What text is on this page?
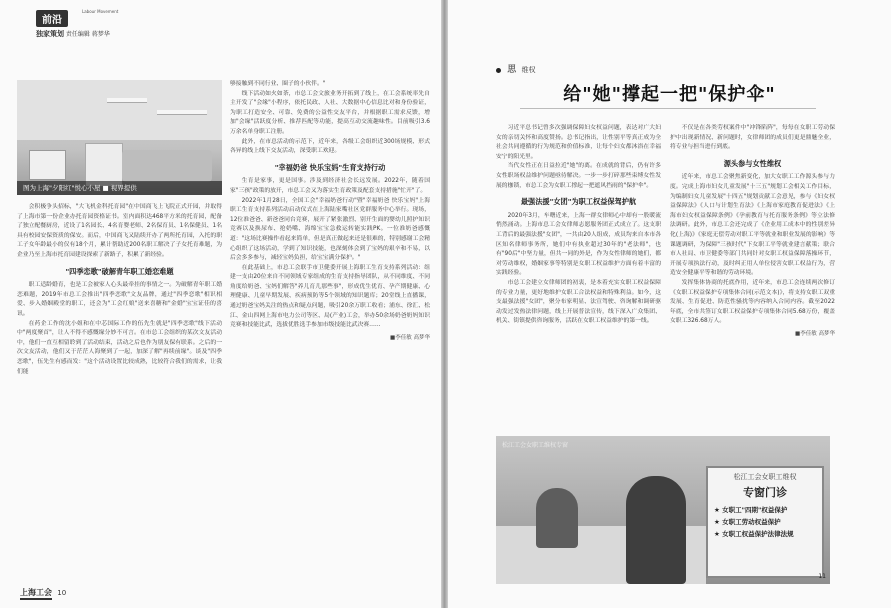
前沿
Labour Movement
独家策划 责任编辑 蒋梦华
图为上海"夕阳红"悦心小屋 ■ 视界提供

会积极争头招标，"大飞机金科托育园"在中国商飞上飞院正式开园，并取得了上海市第一份企业办托育园资格证书。室内面积达468平方米的托育园，配备了独立配餐厨房，近设了1名园长、4名育婴老师、2名保育员、1名保健员、1名具有校园安保资质的保安。而后，中国商飞又陆续开办了两所托育园，入托的职工子女年龄最小的仅有18个月，累计帮助近200名职工解决了子女托育难题，为企业乃至上海市托育园建设探索了新路子，积累了新经验。

"四季恋歌"破解青年职工婚恋难题

职工适龄婚育，也是工会被家人心头最牵挂的事情之一。为破解青年职工婚恋难题，2019年市总工会推出"四季恋歌"文友品牌，通过"四季恋歌"相识相爱、步入婚姻殿堂的职工，还会为"工会红娘"送来喜糖和"金婚"宝宝证佳的喜讯。

在药企工作的沈小姐和在中芯国际工作的伍先生就是"四季恋歌"线下活动中"两度聚首"，让人不得不感慨缘分妙不可言。在市总工会组织的某次文友活动中，他们一直互相留聆到了活动结束，活动之后也作为朋友保有联系。之后的一次文友活动，他们又于茫茫人海聚到了一起，加深了解"再续前缘"。谈及"四季恋歌"，伍先生有感而发："这个活动设置比较成熟，比较符合我们的需求，让我们能

够接触到不同行业、圈子的小伙伴。"

线下活动如火如荼，市总工会文旅业务开拓到了线上，在工会系统率先自主开发了"会缘"小程序，依托民政、人社、大数据中心信息比对和身份验证，为职工打造安全、可靠、免费的公益性交友平台，并根据职工需求反馈，增加"会缘"活跃度分析、推荐匹配等功能，提高互动交流趣味性。目前吸引3.6万余名单身职工注册。

此外，在市总活动的示范下，近年来，各级工会组织近300场规模、形式各异的线上线下交友活动，深受职工欢迎。

"幸福奶爸 快乐宝妈"生育支持行动

生育是家事，更是国事。涉及到经济社会长远发展。2022年，随着国家"三孩"政策的放开，市总工会又为落实生育政策及配套支持措施"忙开"了。

2022年1月28日，全国工会"幸福奶爸行动"暨"幸福奶爸 快乐宝妈"上海职工生育支持系列活动启动仪式在上海陆家嘴社区党群服务中心举行。现场，12位准爸爸、新爸爸同台竞赛，展开了紧张激烈、别开生面的婴幼儿照护知识竞赛以及换尿布、抢奶嘴、海绵宝宝急救运转能实践PK。一位准奶爸感慨道："这场比赛操作看起来简单，但是真正做起来还是很难的，特别感谢工会精心组织了这场活动，学到了知识技能，也深刻体会到了宝妈的艰辛和不易，以后会多多参与，减轻宝妈负担，给宝宝满分保护。"

在此基础上，市总工会联手市卫健委开展上海职工生育支持系列活动：组建一支由20位来自不同领域专家组成的生育支持指导团队，从不同维度、不同角度给奶爸、宝妈们解答"养儿育儿那些事"，形成优生优育、孕产期健康、心理健康、儿童早期发展、疾病预防等5个领域的知识题库；20堂线上直播课，通过奶爸宝妈关注的热点和疑点问题，吸引20余万职工收看；浦东、徐汇、松江、金山四网上海市电力公司等区、局(产业)工会，举办50余场奶爸奶妈知识竞赛和技能比武，选拔优胜选手参加市级技能比武决赛……

■李佳敏 高梦华
上海工会 10
思 维权
给"她"撑起一把"保护伞"

习近平总书记曾多次强调保障妇女权益问题，表达对广大妇女的亲切关怀和高度赞扬。总书记指出，让性别平等真正成为全社会共同遵循的行为规范和价值标准，让每个妇女都沐浴在幸福安宁的阳光里。

当代女性正在日益拉近"她"的离。在成就的背后，仍有许多女性职场权益维护问题亟待解决。一步一步打碎那些束缚女性发展的枷锁，市总工会为女职工撑起一把遮风挡雨的"保护伞"。

最强法援"女团"为职工权益保驾护航

2020年3月，车曙近来，上海一群女律师心中却有一股暖流悄然涌动。上海市总工会女律师志愿服务团正式成立了。这支职工背后的最强法援"女团"，一共由20人组成，成员均来自本市各区知名律师事务所，她们中有执业超过30年的"老法师"，也有"90后"中坚力量，但共一同的外是，作为女性律师的她们，都对劳动维权，婚姻家事等特别是女职工权益维护方面有着丰富的实践经验。

市总工会建立女律师团的初衷，是本着充实女职工权益保障的专业力量，更好地维护女职工合法权益和特殊利益。如今，这支最强法援"女团"，聚分布家明显、法宣驾驶、咨询解和调研驱动发过发热法律问题，线上开展普法宣传，线下深入广众集团、机关、街镇提供咨询服务，活跃在女职工权益维护的第一线。

不仅是在各类劳权案件中"冲锋陷阵"，每每在女职工劳动保护中出现新情况、新问题时，女律师团的成员们更是鼎魅全业，将专业与担当进行到底。

源头参与女性维权

近年来，市总工会聚焦新变化，加大女职工工作源头参与力度。完成上海市妇女儿童发展"十三五"规划工会相关工作目标，为编制妇女儿童发展"十四五"规划贡献工会意见，参与《妇女权益保障法》《人口与计划生育法》《上海市家庭教育促进法》《上海市妇女权益保障条例》《孕前教育与托育服务条例》等立法修法调研。此外，市总工会还完成了《企业用工成本中的性别差异化(上海)》《家庭无偿劳动对职工平等就业和职业发展的影响》等课题调研，为保障"三孩时代"下女职工平等就业建言献策；联合市人社局、市卫健委等部门共同针对女职工权益保障落操环节，开展专项执法行动，及时纠正用人单位侵害女职工权益行为，营造安全健康平等和谐的劳动环境。

发挥集体协商的托底作用，近年来，市总工会连续两次修订《女职工权益保护专项集体合同(示范文本)》，将支持女职工双重发展、生育促进、防范性骚扰等内容纳入合同内容。截至2022年底，全市共签订女职工权益保护专项集体合同5.68万份，覆盖女职工326.68万人。

■李佳敏 高梦华
松江工会女职工维权专窗
松江工会女职工维权
专窗门诊
★ 女职工"四期"权益保护
★ 女职工劳动权益保护
★ 女职工权益保护法律法规
11
